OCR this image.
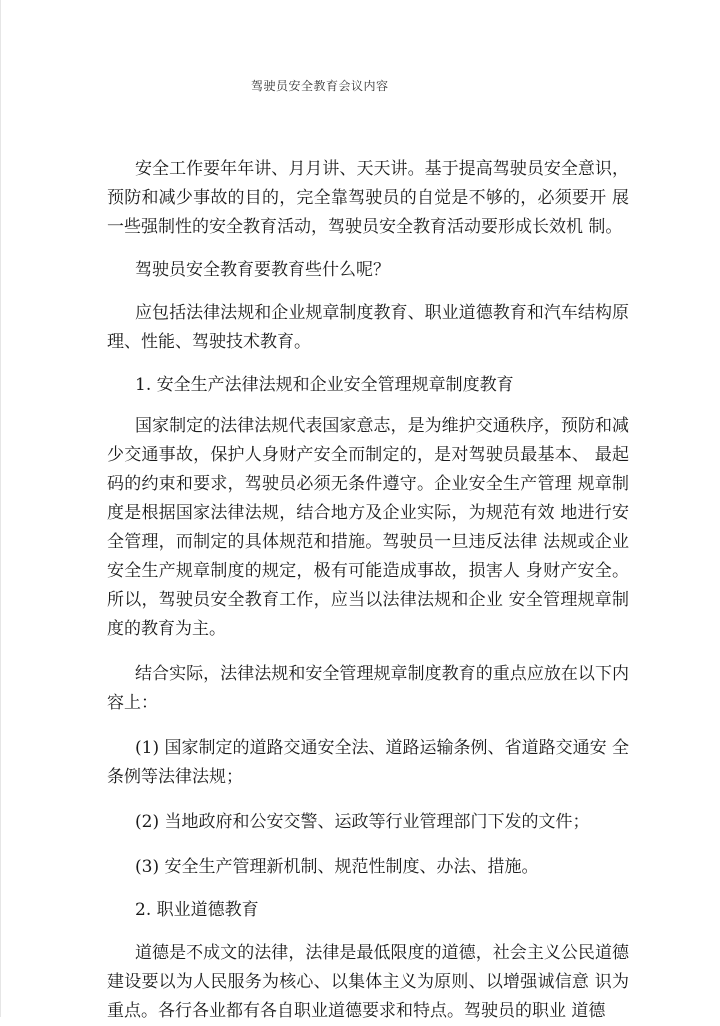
驾驶员安全教育会议内容

安全工作要年年讲、月月讲、天天讲。基于提高驾驶员安全意识，预防和减少事故的目的，完全靠驾驶员的自觉是不够的，必须要开 展一些强制性的安全教育活动，驾驶员安全教育活动要形成长效机 制。

驾驶员安全教育要教育些什么呢？

应包括法律法规和企业规章制度教育、职业道德教育和汽车结构原理、性能、驾驶技术教育。

1. 安全生产法律法规和企业安全管理规章制度教育

国家制定的法律法规代表国家意志，是为维护交通秩序，预防和减少交通事故，保护人身财产安全而制定的，是对驾驶员最基本、 最起码的约束和要求，驾驶员必须无条件遵守。企业安全生产管理 规章制度是根据国家法律法规，结合地方及企业实际，为规范有效 地进行安全管理，而制定的具体规范和措施。驾驶员一旦违反法律 法规或企业安全生产规章制度的规定，极有可能造成事故，损害人 身财产安全。所以，驾驶员安全教育工作，应当以法律法规和企业 安全管理规章制度的教育为主。

结合实际，法律法规和安全管理规章制度教育的重点应放在以下内容上：

(1) 国家制定的道路交通安全法、道路运输条例、省道路交通安 全条例等法律法规；

(2) 当地政府和公安交警、运政等行业管理部门下发的文件；

(3) 安全生产管理新机制、规范性制度、办法、措施。

2. 职业道德教育

道德是不成文的法律，法律是最低限度的道德，社会主义公民道德建设要以为人民服务为核心、以集体主义为原则、以增强诚信意 识为重点。各行各业都有各自职业道德要求和特点。驾驶员的职业 道德
